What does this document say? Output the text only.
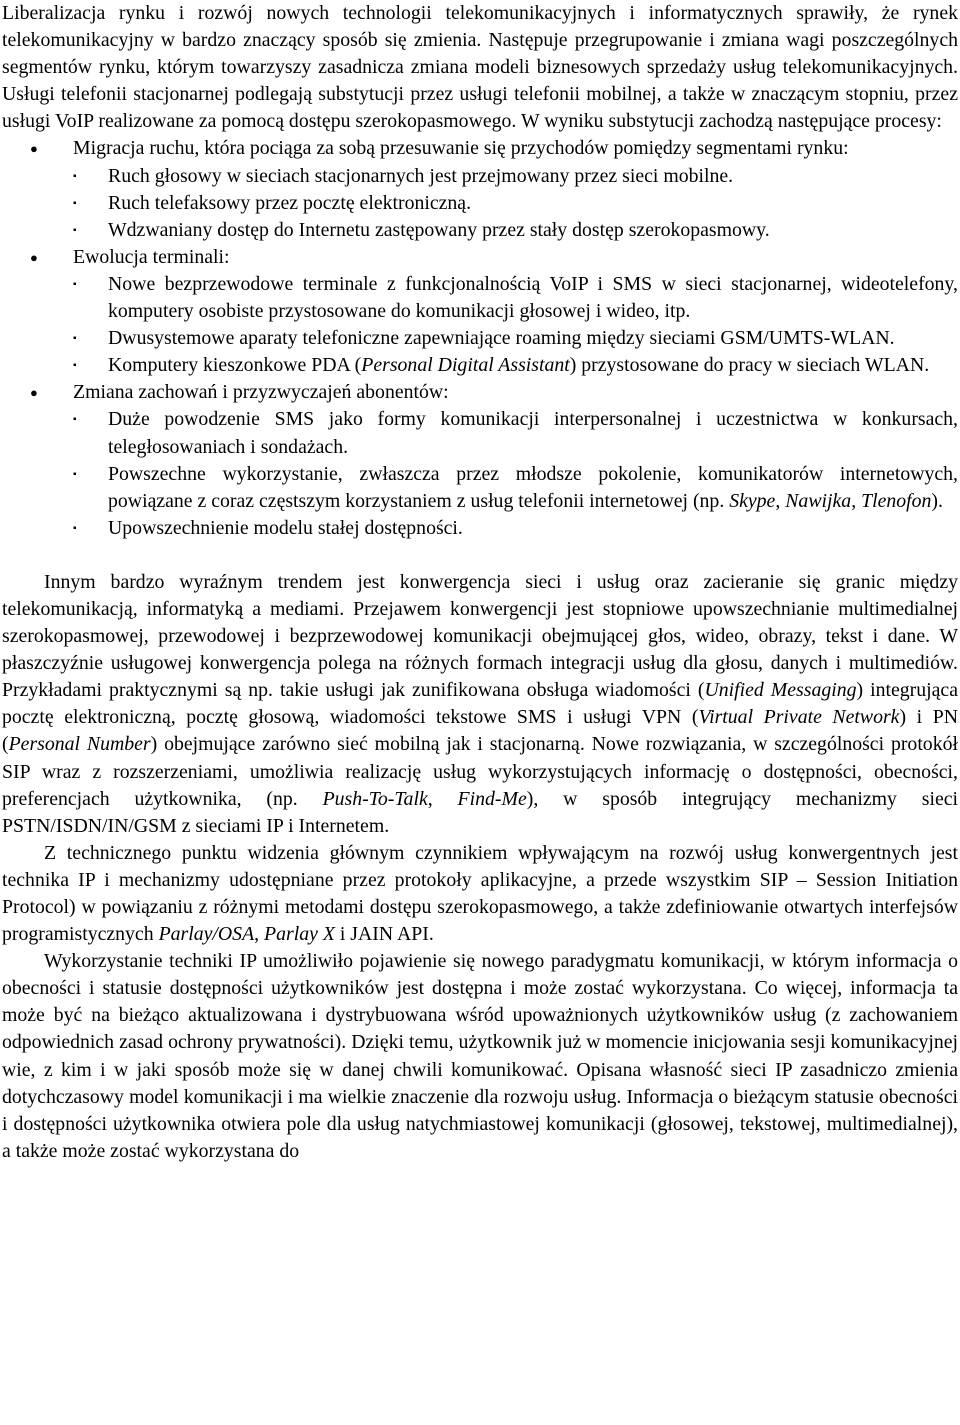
Liberalizacja rynku i rozwój nowych technologii telekomunikacyjnych i informatycznych sprawiły, że rynek telekomunikacyjny w bardzo znaczący sposób się zmienia. Następuje przegrupowanie i zmiana wagi poszczególnych segmentów rynku, którym towarzyszy zasadnicza zmiana modeli biznesowych sprzedaży usług telekomunikacyjnych. Usługi telefonii stacjonarnej podlegają substytucji przez usługi telefonii mobilnej, a także w znaczącym stopniu, przez usługi VoIP realizowane za pomocą dostępu szerokopasmowego. W wyniku substytucji zachodzą następujące procesy:

● Migracja ruchu, która pociąga za sobą przesuwanie się przychodów pomiędzy segmentami rynku:
▪ Ruch głosowy w sieciach stacjonarnych jest przejmowany przez sieci mobilne.
▪ Ruch telefaksowy przez pocztę elektroniczną.
▪ Wdzwaniany dostęp do Internetu zastępowany przez stały dostęp szerokopasmowy.
● Ewolucja terminali:
▪ Nowe bezprzewodowe terminale z funkcjonalnością VoIP i SMS w sieci stacjonarnej, wideotelefony, komputery osobiste przystosowane do komunikacji głosowej i wideo, itp.
▪ Dwusystemowe aparaty telefoniczne zapewniające roaming między sieciami GSM/UMTS-WLAN.
▪ Komputery kieszonkowe PDA (Personal Digital Assistant) przystosowane do pracy w sieciach WLAN.
● Zmiana zachowań i przyzwyczajeń abonentów:
▪ Duże powodzenie SMS jako formy komunikacji interpersonalnej i uczestnictwa w konkursach, teległosowaniach i sondażach.
▪ Powszechne wykorzystanie, zwłaszcza przez młodsze pokolenie, komunikatorów internetowych, powiązane z coraz częstszym korzystaniem z usług telefonii internetowej (np. Skype, Nawijka, Tlenofon).
▪ Upowszechnienie modelu stałej dostępności.

Innym bardzo wyraźnym trendem jest konwergencja sieci i usług oraz zacieranie się granic między telekomunikacją, informatyką a mediami. Przejawem konwergencji jest stopniowe upowszechnianie multimedialnej szerokopasmowej, przewodowej i bezprzewodowej komunikacji obejmującej głos, wideo, obrazy, tekst i dane. W płaszczyźnie usługowej konwergencja polega na różnych formach integracji usług dla głosu, danych i multimediów. Przykładami praktycznymi są np. takie usługi jak zunifikowana obsługa wiadomości (Unified Messaging) integrująca pocztę elektroniczną, pocztę głosową, wiadomości tekstowe SMS i usługi VPN (Virtual Private Network) i PN (Personal Number) obejmujące zarówno sieć mobilną jak i stacjonarną. Nowe rozwiązania, w szczególności protokół SIP wraz z rozszerzeniami, umożliwia realizację usług wykorzystujących informację o dostępności, obecności, preferencjach użytkownika, (np. Push-To-Talk, Find-Me), w sposób integrujący mechanizmy sieci PSTN/ISDN/IN/GSM z sieciami IP i Internetem.

Z technicznego punktu widzenia głównym czynnikiem wpływającym na rozwój usług konwergentnych jest technika IP i mechanizmy udostępniane przez protokoły aplikacyjne, a przede wszystkim SIP – Session Initiation Protocol) w powiązaniu z różnymi metodami dostępu szerokopasmowego, a także zdefiniowanie otwartych interfejsów programistycznych Parlay/OSA, Parlay X i JAIN API.

Wykorzystanie techniki IP umożliwiło pojawienie się nowego paradygmatu komunikacji, w którym informacja o obecności i statusie dostępności użytkowników jest dostępna i może zostać wykorzystana. Co więcej, informacja ta może być na bieżąco aktualizowana i dystrybuowana wśród upoważnionych użytkowników usług (z zachowaniem odpowiednich zasad ochrony prywatności). Dzięki temu, użytkownik już w momencie inicjowania sesji komunikacyjnej wie, z kim i w jaki sposób może się w danej chwili komunikować. Opisana własność sieci IP zasadniczo zmienia dotychczasowy model komunikacji i ma wielkie znaczenie dla rozwoju usług. Informacja o bieżącym statusie obecności i dostępności użytkownika otwiera pole dla usług natychmiastowej komunikacji (głosowej, tekstowej, multimedialnej), a także może zostać wykorzystana do
